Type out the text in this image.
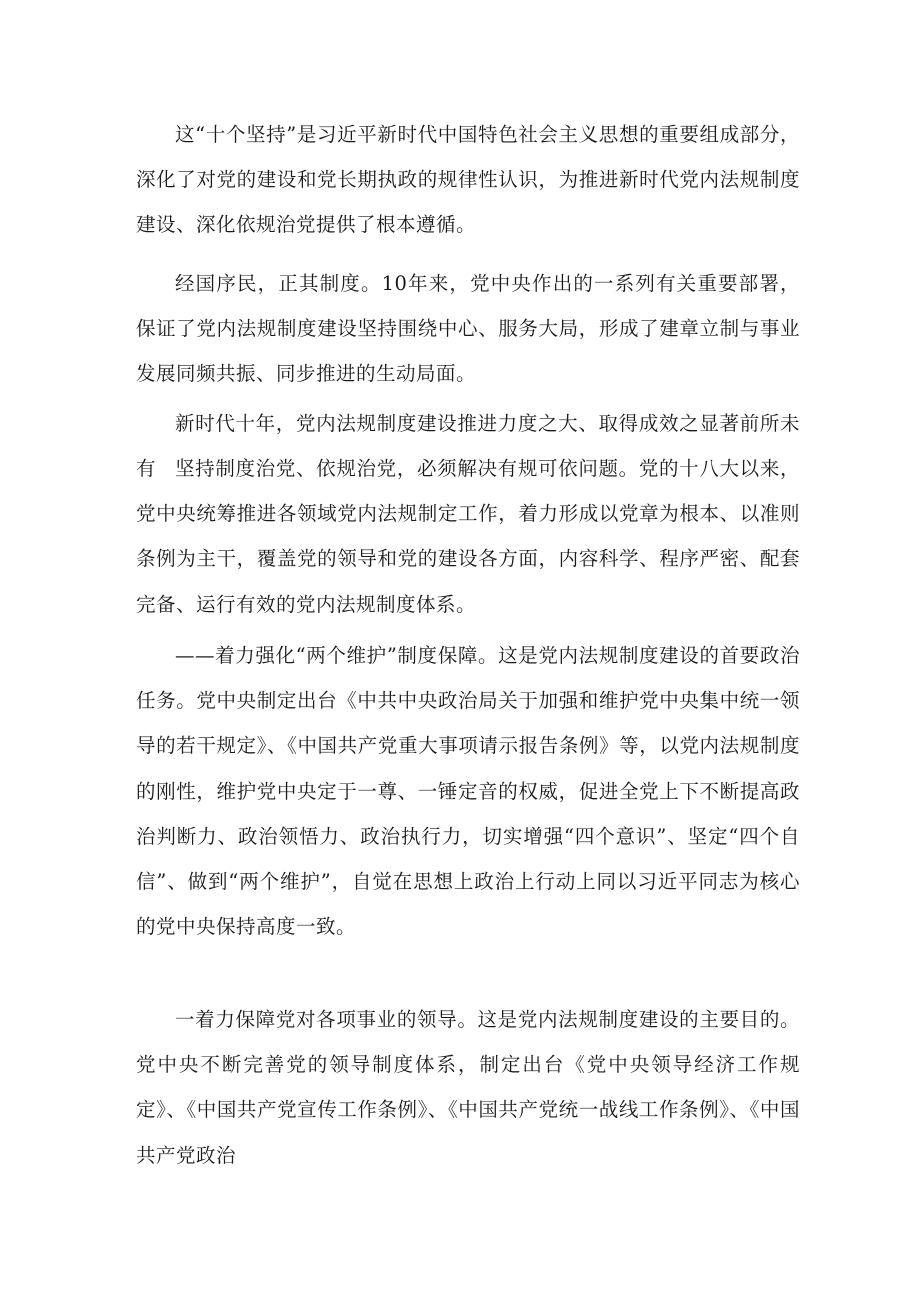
这“十个坚持”是习近平新时代中国特色社会主义思想的重要组成部分，深化了对党的建设和党长期执政的规律性认识，为推进新时代党内法规制度建设、深化依规治党提供了根本遵循。

经国序民，正其制度。10年来，党中央作出的一系列有关重要部署，保证了党内法规制度建设坚持围绕中心、服务大局，形成了建章立制与事业发展同频共振、同步推进的生动局面。

新时代十年，党内法规制度建设推进力度之大、取得成效之显著前所未有 坚持制度治党、依规治党，必须解决有规可依问题。党的十八大以来，党中央统筹推进各领域党内法规制定工作，着力形成以党章为根本、以准则条例为主干，覆盖党的领导和党的建设各方面，内容科学、程序严密、配套完备、运行有效的党内法规制度体系。

——着力强化“两个维护”制度保障。这是党内法规制度建设的首要政治任务。党中央制定出台《中共中央政治局关于加强和维护党中央集中统一领导的若干规定》、《中国共产党重大事项请示报告条例》等，以党内法规制度的刚性，维护党中央定于一尊、一锤定音的权威，促进全党上下不断提高政治判断力、政治领悟力、政治执行力，切实增强“四个意识”、坚定“四个自信”、做到“两个维护”，自觉在思想上政治上行动上同以习近平同志为核心的党中央保持高度一致。

一着力保障党对各项事业的领导。这是党内法规制度建设的主要目的。党中央不断完善党的领导制度体系，制定出台《党中央领导经济工作规定》、《中国共产党宣传工作条例》、《中国共产党统一战线工作条例》、《中国共产党政治
